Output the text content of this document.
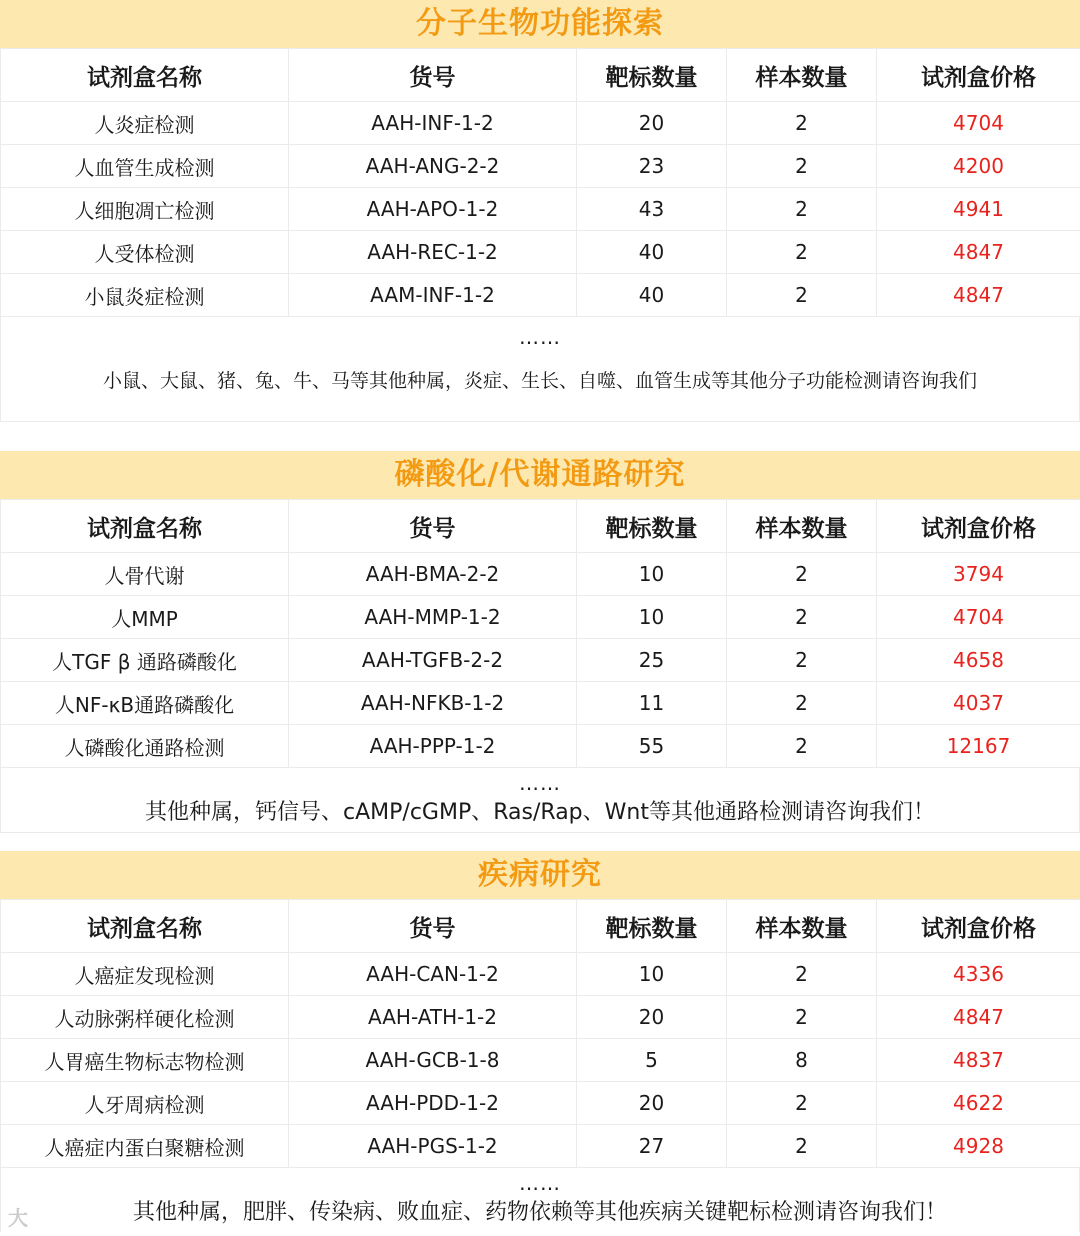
分子生物功能探索
试剂盒名称	货号	靶标数量	样本数量	试剂盒价格
人炎症检测	AAH-INF-1-2	20	2	4704
人血管生成检测	AAH-ANG-2-2	23	2	4200
人细胞凋亡检测	AAH-APO-1-2	43	2	4941
人受体检测	AAH-REC-1-2	40	2	4847
小鼠炎症检测	AAM-INF-1-2	40	2	4847
……
小鼠、大鼠、猪、兔、牛、马等其他种属，炎症、生长、自噬、血管生成等其他分子功能检测请咨询我们
磷酸化/代谢通路研究
试剂盒名称	货号	靶标数量	样本数量	试剂盒价格
人骨代谢	AAH-BMA-2-2	10	2	3794
人MMP	AAH-MMP-1-2	10	2	4704
人TGF β 通路磷酸化	AAH-TGFB-2-2	25	2	4658
人NF-κB通路磷酸化	AAH-NFKB-1-2	11	2	4037
人磷酸化通路检测	AAH-PPP-1-2	55	2	12167
……
其他种属，钙信号、cAMP/cGMP、Ras/Rap、Wnt等其他通路检测请咨询我们！
疾病研究
试剂盒名称	货号	靶标数量	样本数量	试剂盒价格
人癌症发现检测	AAH-CAN-1-2	10	2	4336
人动脉粥样硬化检测	AAH-ATH-1-2	20	2	4847
人胃癌生物标志物检测	AAH-GCB-1-8	5	8	4837
人牙周病检测	AAH-PDD-1-2	20	2	4622
人癌症内蛋白聚糖检测	AAH-PGS-1-2	27	2	4928
……
其他种属，肥胖、传染病、败血症、药物依赖等其他疾病关键靶标检测请咨询我们！
大
